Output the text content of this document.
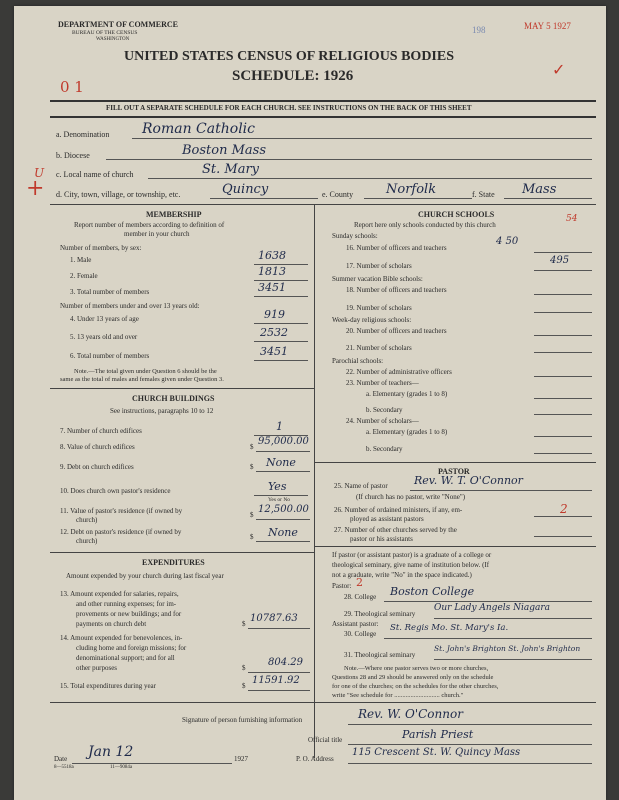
DEPARTMENT OF COMMERCE
BUREAU OF THE CENSUS
WASHINGTON
198	MAY 5 1927
UNITED STATES CENSUS OF RELIGIOUS BODIES
SCHEDULE: 1926
0 1
✓
FILL OUT A SEPARATE SCHEDULE FOR EACH CHURCH. SEE INSTRUCTIONS ON THE BACK OF THIS SHEET
a. Denomination Roman Catholic
b. Diocese	Boston Mass
c. Local name of church	St. Mary
+
U
d. City, town, village, or township, etc.	Quincy	e. County	Norfolk	f. State Mass
MEMBERSHIP
Report number of members according to definition of
member in your church
Number of members, by sex:
1. Male	1638
2. Female	1813
3. Total number of members	3451
Number of members under and over 13 years old:
4. Under 13 years of age	919
5. 13 years old and over	2532
6. Total number of members	3451
Note.—The total given under Question 6 should be the
same as the total of males and females given under Question 3.
CHURCH BUILDINGS
See instructions, paragraphs 10 to 12
7. Number of church edifices	1
8. Value of church edifices	$ 95,000.00
9. Debt on church edifices	$ None
10. Does church own pastor's residence	Yes
Yes or No
11. Value of pastor's residence (if owned by
church)
$ 12,500.00
12. Debt on pastor's residence (if owned by
church)	$ None
EXPENDITURES
Amount expended by your church during last fiscal year
13. Amount expended for salaries, repairs,
and other running expenses; for im-
provements or new buildings; and for
payments on church debt	$ 10787.63
14. Amount expended for benevolences, in-
cluding home and foreign missions; for
denominational support; and for all
other purposes	$ 804.29
15. Total expenditures during year	$ 11591.92
CHURCH SCHOOLS
Report here only schools conducted by this church
54
Sunday schools:
16. Number of officers and teachers
4 50
17. Number of scholars	495
Summer vacation Bible schools:
18. Number of officers and teachers
19. Number of scholars
Week-day religious schools:
20. Number of officers and teachers
21. Number of scholars
Parochial schools:
22. Number of administrative officers
23. Number of teachers—
a. Elementary (grades 1 to 8)
b. Secondary
24. Number of scholars—
a. Elementary (grades 1 to 8)
b. Secondary
PASTOR
25. Name of pastor Rev. W. T. O'Connor
(If church has no pastor, write "None")
26. Number of ordained ministers, if any, em-
ployed as assistant pastors
2
27. Number of other churches served by the
pastor or his assistants
If pastor (or assistant pastor) is a graduate of a college or
theological seminary, give name of institution below. (If
not a graduate, write "No" in the space indicated.)
Pastor: 2
28. College Boston College
29. Theological seminary
Our Lady Angels Niagara
Assistant pastor:
30. College
St. Regis Mo. St. Mary's Ia.
31. Theological seminary
St. John's Brighton St. John's Brighton
Note.—Where one pastor serves two or more churches,
Questions 28 and 29 should be answered only on the schedule
for one of the churches; on the schedules for the other churches,
write "See schedule for ............................ church."
Signature of person furnishing information	Rev. W. O'Connor
Official title	Parish Priest
Date Jan 12	1927
8—5518a	11—9084a
P. O. Address
115 Crescent St. W. Quincy Mass
